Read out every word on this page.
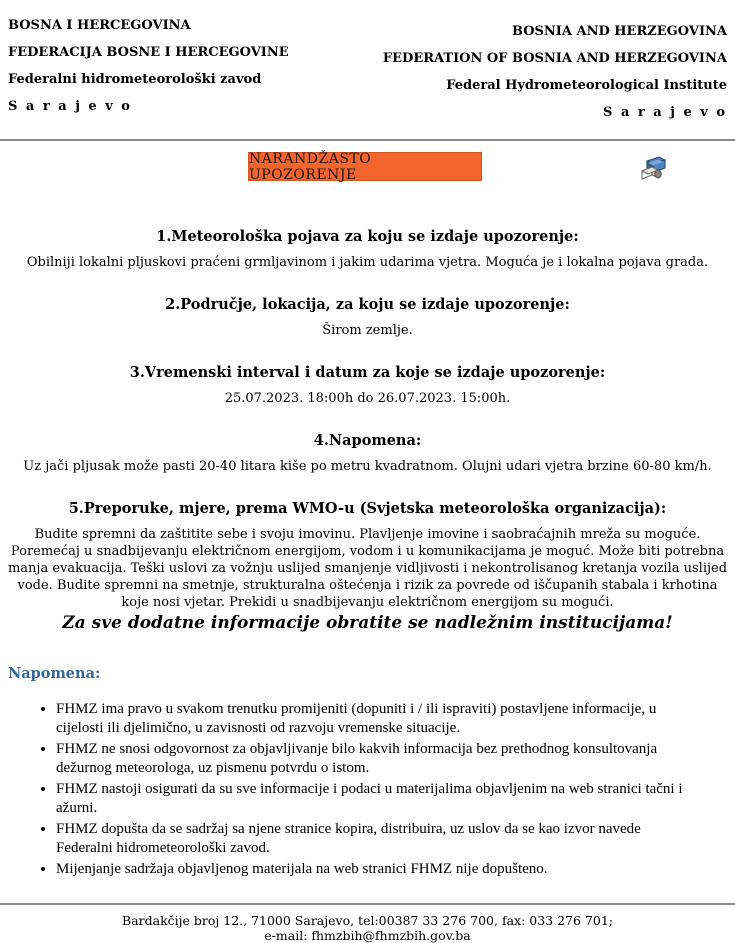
BOSNA I HERCEGOVINA
FEDERACIJA BOSNE I HERCEGOVINE
Federalni hidrometeorološki zavod
S a r a j e v o
BOSNIA AND HERZEGOVINA
FEDERATION OF BOSNIA AND HERZEGOVINA
Federal Hydrometeorological Institute
S a r a j e v o
NARANDŽASTO UPOZORENJE
1.Meteorološka pojava za koju se izdaje upozorenje:
Obilniji lokalni pljuskovi praćeni grmljavinom i jakim udarima vjetra. Moguća je i lokalna pojava grada.
2.Područje, lokacija, za koju se izdaje upozorenje:
Širom zemlje.
3.Vremenski interval i datum za koje se izdaje upozorenje:
25.07.2023. 18:00h do 26.07.2023. 15:00h.
4.Napomena:
Uz jači pljusak može pasti 20-40 litara kiše po metru kvadratnom. Olujni udari vjetra brzine 60-80 km/h.
5.Preporuke, mjere, prema WMO-u (Svjetska meteorološka organizacija):
Budite spremni da zaštitite sebe i svoju imovinu. Plavljenje imovine i saobraćajnih mreža su moguće. Poremećaj u snadbijevanju električnom energijom, vodom i u komunikacijama je moguć. Može biti potrebna manja evakuacija. Teški uslovi za vožnju uslijed smanjenje vidljivosti i nekontrolisanog kretanja vozila uslijed vode. Budite spremni na smetnje, strukturalna oštećenja i rizik za povrede od iščupanih stabala i krhotina koje nosi vjetar. Prekidi u snadbijevanju električnom energijom su mogući.
Za sve dodatne informacije obratite se nadležnim institucijama!
Napomena:
• FHMZ ima pravo u svakom trenutku promijeniti (dopuniti i / ili ispraviti) postavljene informacije, u cijelosti ili djelimično, u zavisnosti od razvoju vremenske situacije.
• FHMZ ne snosi odgovornost za objavljivanje bilo kakvih informacija bez prethodnog konsultovanja dežurnog meteorologa, uz pismenu potvrdu o istom.
• FHMZ nastoji osigurati da su sve informacije i podaci u materijalima objavljenim na web stranici tačni i ažurni.
• FHMZ dopušta da se sadržaj sa njene stranice kopira, distribuira, uz uslov da se kao izvor navede Federalni hidrometeorološki zavod.
• Mijenjanje sadržaja objavljenog materijala na web stranici FHMZ nije dopušteno.
Bardakčije broj 12., 71000 Sarajevo, tel:00387 33 276 700, fax: 033 276 701;
e-mail: fhmzbih@fhmzbih.gov.ba
